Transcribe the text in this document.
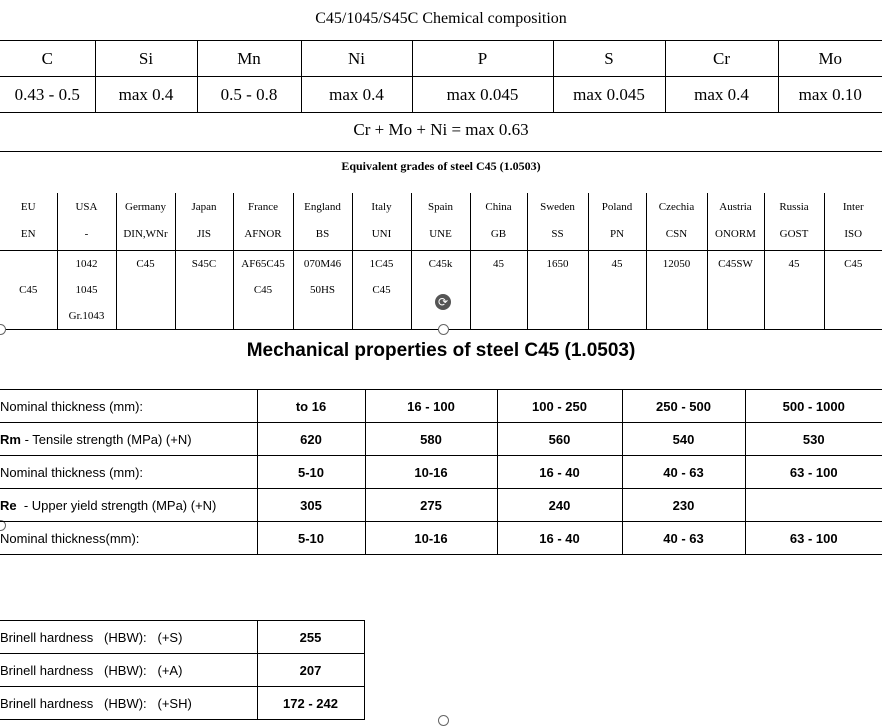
C45/1045/S45C Chemical composition
C	Si	Mn	Ni	P	S	Cr	Mo
0.43 - 0.5	max 0.4	0.5 - 0.8	max 0.4	max 0.045	max 0.045	max 0.4	max 0.10
Cr + Mo + Ni = max 0.63
Equivalent grades of steel C45 (1.0503)
EU	USA	Germany	Japan	France	England	Italy	Spain	China	Sweden	Poland	Czechia	Austria	Russia	Inter
EN	-	DIN,WNr	JIS	AFNOR	BS	UNI	UNE	GB	SS	PN	CSN	ONORM	GOST	ISO

	1042	C45	S45C	AF65C45	070M46	1C45	C45k	45	1650	45	12050	C45SW	45	C45
C45	1045			C45	50HS	C45								
	Gr.1043													
⟳
Mechanical properties of steel C45 (1.0503)
Nominal thickness (mm):	to 16	16 - 100	100 - 250	250 - 500	500 - 1000
Rm - Tensile strength (MPa) (+N)	620	580	560	540	530
Nominal thickness (mm):	5-10	10-16	16 - 40	40 - 63	63 - 100
Re  - Upper yield strength (MPa) (+N)	305	275	240	230	
Nominal thickness(mm):	5-10	10-16	16 - 40	40 - 63	63 - 100
Brinell hardness   (HBW):   (+S)	255
Brinell hardness   (HBW):   (+A)	207
Brinell hardness   (HBW):   (+SH)	172 - 242
